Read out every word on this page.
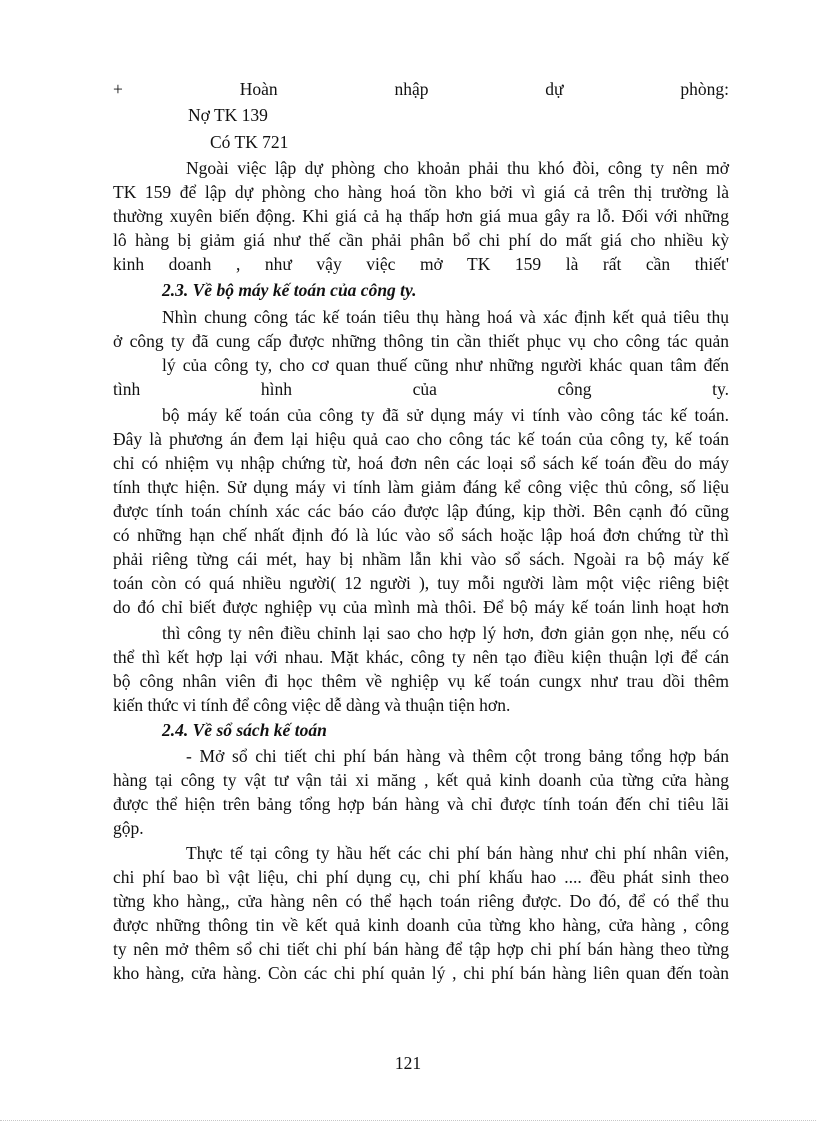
+ Hoàn nhập dự phòng:
Nợ TK 139
Có TK 721
Ngoài việc lập dự phòng cho khoản phải thu khó đòi, công ty nên mở
TK 159 để lập dự phòng cho hàng hoá tồn kho bởi vì giá cả trên thị trường là
thường xuyên biến động. Khi giá cả hạ thấp hơn giá mua gây ra lỗ. Đối với những
lô hàng bị giảm giá như thế cần phải phân bổ chi phí do mất giá cho nhiều kỳ
kinh doanh , như vậy việc mở TK 159 là rất cần thiết'
2.3. Về bộ máy kế toán của công ty.
Nhìn chung công tác kế toán tiêu thụ hàng hoá và xác định kết quả tiêu thụ
ở công ty đã cung cấp được những thông tin cần thiết phục vụ cho công tác quản
lý của công ty, cho cơ quan thuế cũng như những người khác quan tâm đến
tình hình của công ty.
bộ máy kế toán của công ty đã sử dụng máy vi tính vào công tác kế toán.
Đây là phương án đem lại hiệu quả cao cho công tác kế toán của công ty, kế toán
chỉ có nhiệm vụ nhập chứng từ, hoá đơn nên các loại sổ sách kế toán đều do máy
tính thực hiện. Sử dụng máy vi tính làm giảm đáng kể công việc thủ công, số liệu
được tính toán chính xác các báo cáo được lập đúng, kịp thời. Bên cạnh đó cũng
có những hạn chế nhất định đó là lúc vào sổ sách hoặc lập hoá đơn chứng từ thì
phải riêng từng cái mét, hay bị nhầm lẫn khi vào sổ sách. Ngoài ra bộ máy kế
toán còn có quá nhiều người( 12 người ), tuy mỗi người làm một việc riêng biệt
do đó chỉ biết được nghiệp vụ của mình mà thôi. Để bộ máy kế toán linh hoạt hơn
thì công ty nên điều chỉnh lại sao cho hợp lý hơn, đơn giản gọn nhẹ, nếu có
thể thì kết hợp lại với nhau. Mặt khác, công ty nên tạo điều kiện thuận lợi để cán
bộ công nhân viên đi học thêm về nghiệp vụ kế toán cungx như trau dồi thêm
kiến thức vi tính để công việc dễ dàng và thuận tiện hơn.
2.4. Về sổ sách kế toán
- Mở sổ chi tiết chi phí bán hàng và thêm cột trong bảng tổng hợp bán
hàng tại công ty vật tư vận tải xi măng , kết quả kinh doanh của từng cửa hàng
được thể hiện trên bảng tổng hợp bán hàng và chỉ được tính toán đến chỉ tiêu lãi
gộp.
Thực tế tại công ty hầu hết các chi phí bán hàng như chi phí nhân viên,
chi phí bao bì vật liệu, chi phí dụng cụ, chi phí khấu hao .... đều phát sinh theo
từng kho hàng,, cửa hàng nên có thể hạch toán riêng được. Do đó, để có thể thu
được những thông tin về kết quả kinh doanh của từng kho hàng, cửa hàng , công
ty nên mở thêm sổ chi tiết chi phí bán hàng để tập hợp chi phí bán hàng theo từng
kho hàng, cửa hàng. Còn các chi phí quản lý , chi phí bán hàng liên quan đến toàn
121
